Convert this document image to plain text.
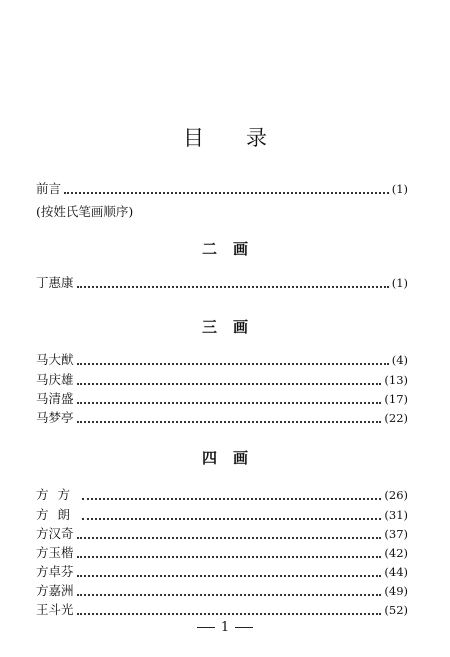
目 录
前言	(1)
(按姓氏笔画顺序)
二 画
丁惠康	(1)
三 画
马大猷	(4)
马庆雄	(13)
马清盛	(17)
马梦亭	(22)
四 画
方方	(26)
方朗	(31)
方汉奇	(37)
方玉楷	(42)
方卓芬	(44)
方嘉洲	(49)
王斗光	(52)
1
